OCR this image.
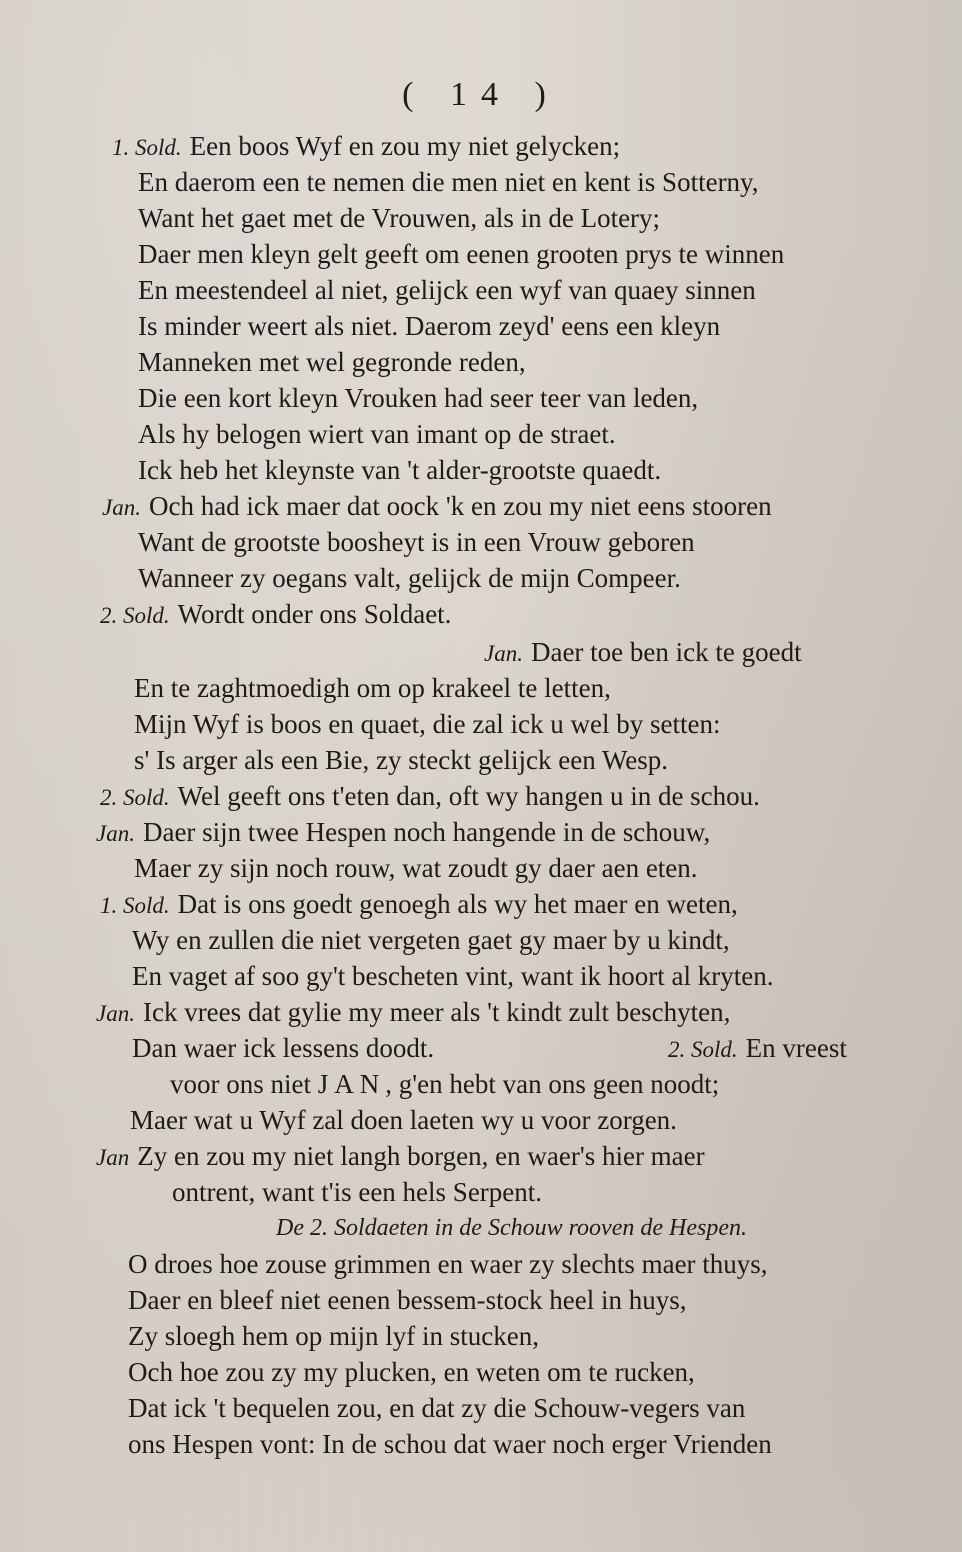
( 14 )
1. Sold. Een boos Wyf en zou my niet gelycken;
En daerom een te nemen die men niet en kent is Sotterny,
Want het gaet met de Vrouwen, als in de Lotery;
Daer men kleyn gelt geeft om eenen grooten prys te winnen
En meestendeel al niet, gelijck een wyf van quaey sinnen
Is minder weert als niet. Daerom zeyd' eens een kleyn
Manneken met wel gegronde reden,
Die een kort kleyn Vrouken had seer teer van leden,
Als hy belogen wiert van imant op de straet.
Ick heb het kleynste van 't alder-grootste quaedt.
Jan. Och had ick maer dat oock 'k en zou my niet eens stooren
Want de grootste boosheyt is in een Vrouw geboren
Wanneer zy oegans valt, gelijck de mijn Compeer.
2. Sold. Wordt onder ons Soldaet.
Jan. Daer toe ben ick te goedt
En te zaghtmoedigh om op krakeel te letten,
Mijn Wyf is boos en quaet, die zal ick u wel by setten:
s' Is arger als een Bie, zy steckt gelijck een Wesp.
2. Sold. Wel geeft ons t'eten dan, oft wy hangen u in de schou.
Jan. Daer sijn twee Hespen noch hangende in de schouw,
Maer zy sijn noch rouw, wat zoudt gy daer aen eten.
1. Sold. Dat is ons goedt genoegh als wy het maer en weten,
Wy en zullen die niet vergeten gaet gy maer by u kindt,
En vaget af soo gy't bescheten vint, want ik hoort al kryten.
Jan. Ick vrees dat gylie my meer als 't kindt zult beschyten,
Dan waer ick lessens doodt.	2. Sold. En vreest
voor ons niet JAN, g'en hebt van ons geen noodt;
Maer wat u Wyf zal doen laeten wy u voor zorgen.
Jan Zy en zou my niet langh borgen, en waer's hier maer
ontrent, want t'is een hels Serpent.
De 2. Soldaeten in de Schouw rooven de Hespen.
O droes hoe zouse grimmen en waer zy slechts maer thuys,
Daer en bleef niet eenen bessem-stock heel in huys,
Zy sloegh hem op mijn lyf in stucken,
Och hoe zou zy my plucken, en weten om te rucken,
Dat ick 't bequelen zou, en dat zy die Schouw-vegers van
ons Hespen vont: In de schou dat waer noch erger Vrienden
